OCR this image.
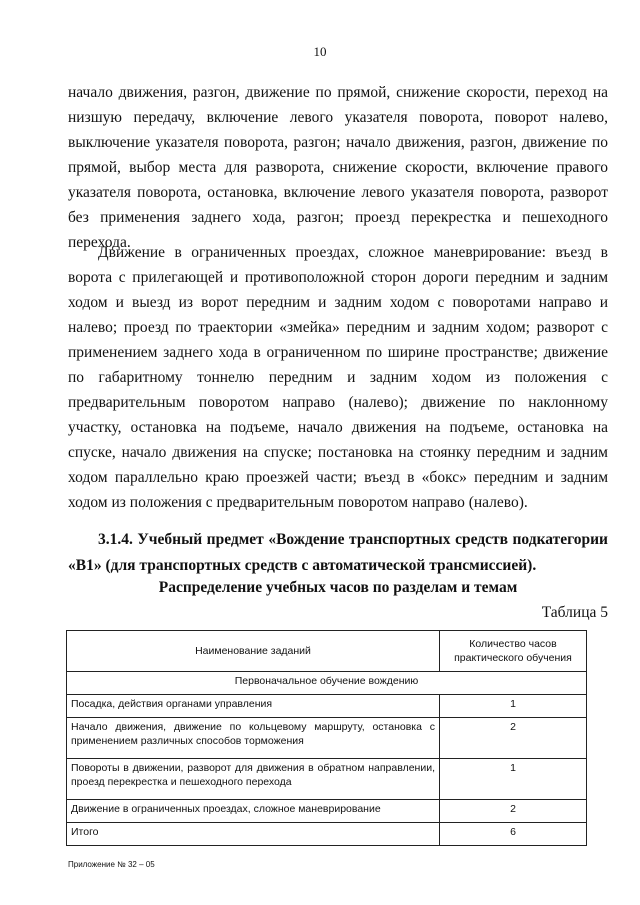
10

начало движения, разгон, движение по прямой, снижение скорости, переход на низшую передачу, включение левого указателя поворота, поворот налево, выключение указателя поворота, разгон; начало движения, разгон, движение по прямой, выбор места для разворота, снижение скорости, включение правого указателя поворота, остановка, включение левого указателя поворота, разворот без применения заднего хода, разгон; проезд перекрестка и пешеходного перехода.

Движение в ограниченных проездах, сложное маневрирование: въезд в ворота с прилегающей и противоположной сторон дороги передним и задним ходом и выезд из ворот передним и задним ходом с поворотами направо и налево; проезд по траектории «змейка» передним и задним ходом; разворот с применением заднего хода в ограниченном по ширине пространстве; движение по габаритному тоннелю передним и задним ходом из положения с предварительным поворотом направо (налево); движение по наклонному участку, остановка на подъеме, начало движения на подъеме, остановка на спуске, начало движения на спуске; постановка на стоянку передним и задним ходом параллельно краю проезжей части; въезд в «бокс» передним и задним ходом из положения с предварительным поворотом направо (налево).

3.1.4. Учебный предмет «Вождение транспортных средств подкатегории «В1» (для транспортных средств с автоматической трансмиссией).
Распределение учебных часов по разделам и темам
Таблица 5
Наименование заданий	Количество часов практического обучения
Первоначальное обучение вождению	
Посадка, действия органами управления	1
Начало движения, движение по кольцевому маршруту, остановка с применением различных способов торможения	2
Повороты в движении, разворот для движения в обратном направлении, проезд перекрестка и пешеходного перехода	1
Движение в ограниченных проездах, сложное маневрирование	2
Итого	6
Приложение № 32 – 05
